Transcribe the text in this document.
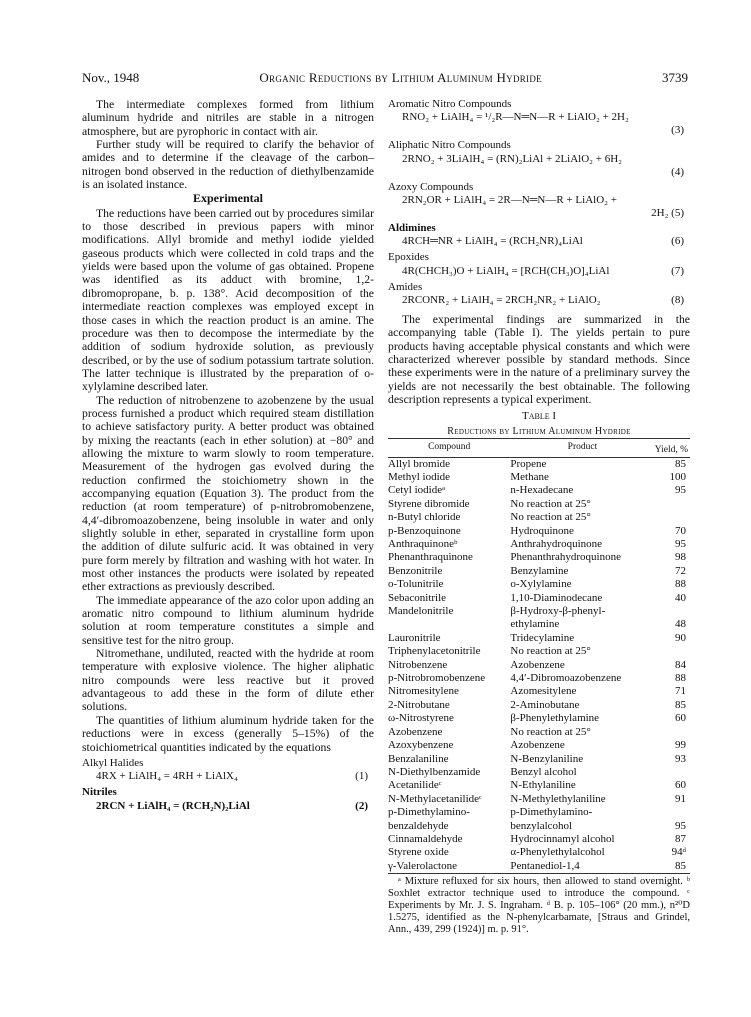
Nov., 1948	Organic Reductions by Lithium Aluminum Hydride	3739

The intermediate complexes formed from lithium aluminum hydride and nitriles are stable in a nitrogen atmosphere, but are pyrophoric in contact with air.

Further study will be required to clarify the behavior of amides and to determine if the cleavage of the carbon–nitrogen bond observed in the reduction of diethylbenzamide is an isolated instance.

Experimental

The reductions have been carried out by procedures similar to those described in previous papers with minor modifications. Allyl bromide and methyl iodide yielded gaseous products which were collected in cold traps and the yields were based upon the volume of gas obtained. Propene was identified as its adduct with bromine, 1,2-dibromopropane, b. p. 138°. Acid decomposition of the intermediate reaction complexes was employed except in those cases in which the reaction product is an amine. The procedure was then to decompose the intermediate by the addition of sodium hydroxide solution, as previously described, or by the use of sodium potassium tartrate solution. The latter technique is illustrated by the preparation of o-xylylamine described later.

The reduction of nitrobenzene to azobenzene by the usual process furnished a product which required steam distillation to achieve satisfactory purity. A better product was obtained by mixing the reactants (each in ether solution) at −80° and allowing the mixture to warm slowly to room temperature. Measurement of the hydrogen gas evolved during the reduction confirmed the stoichiometry shown in the accompanying equation (Equation 3). The product from the reduction (at room temperature) of p-nitrobromobenzene, 4,4′-dibromoazobenzene, being insoluble in water and only slightly soluble in ether, separated in crystalline form upon the addition of dilute sulfuric acid. It was obtained in very pure form merely by filtration and washing with hot water. In most other instances the products were isolated by repeated ether extractions as previously described.

The immediate appearance of the azo color upon adding an aromatic nitro compound to lithium aluminum hydride solution at room temperature constitutes a simple and sensitive test for the nitro group.

Nitromethane, undiluted, reacted with the hydride at room temperature with explosive violence. The higher aliphatic nitro compounds were less reactive but it proved advantageous to add these in the form of dilute ether solutions.

The quantities of lithium aluminum hydride taken for the reductions were in excess (generally 5–15%) of the stoichiometrical quantities indicated by the equations

Alkyl Halides
4RX + LiAlH₄ = 4RH + LiAlX₄	(1)
Nitriles
2RCN + LiAlH₄ = (RCH₂N)₂LiAl	(2)
Aromatic Nitro Compounds
RNO₂ + LiAlH₄ = ¹/₂R—N═N—R + LiAlO₂ + 2H₂
(3)
Aliphatic Nitro Compounds
2RNO₂ + 3LiAlH₄ = (RN)₂LiAl + 2LiAlO₂ + 6H₂
(4)
Azoxy Compounds
2RN₂OR + LiAlH₄ = 2R—N═N—R + LiAlO₂ +
2H₂ (5)
Aldimines
4RCH═NR + LiAlH₄ = (RCH₂NR)₄LiAl	(6)
Epoxides
4R(CHCH₃)O + LiAlH₄ = [RCH(CH₃)O]₄LiAl	(7)
Amides
2RCONR₂ + LiAlH₄ = 2RCH₂NR₂ + LiAlO₂	(8)

The experimental findings are summarized in the accompanying table (Table I). The yields pertain to pure products having acceptable physical constants and which were characterized wherever possible by standard methods. Since these experiments were in the nature of a preliminary survey the yields are not necessarily the best obtainable. The following description represents a typical experiment.

Table I
Reductions by Lithium Aluminum Hydride
Compound	Product	Yield, %
Allyl bromide	Propene	85
Methyl iodide	Methane	100
Cetyl iodideᵃ	n-Hexadecane	95
Styrene dibromide	No reaction at 25°	
n-Butyl chloride	No reaction at 25°	
p-Benzoquinone	Hydroquinone	70
Anthraquinoneᵇ	Anthrahydroquinone	95
Phenanthraquinone	Phenanthrahydroquinone	98
Benzonitrile	Benzylamine	72
o-Tolunitrile	o-Xylylamine	88
Sebaconitrile	1,10-Diaminodecane	40
Mandelonitrile	β-Hydroxy-β-phenyl-	
	ethylamine	48
Lauronitrile	Tridecylamine	90
Triphenylacetonitrile	No reaction at 25°	
Nitrobenzene	Azobenzene	84
p-Nitrobromobenzene	4,4′-Dibromoazobenzene	88
Nitromesitylene	Azomesitylene	71
2-Nitrobutane	2-Aminobutane	85
ω-Nitrostyrene	β-Phenylethylamine	60
Azobenzene	No reaction at 25°	
Azoxybenzene	Azobenzene	99
Benzalaniline	N-Benzylaniline	93
N-Diethylbenzamide	Benzyl alcohol	
Acetanilideᶜ	N-Ethylaniline	60
N-Methylacetanilideᶜ	N-Methylethylaniline	91
p-Dimethylamino-	p-Dimethylamino-	
benzaldehyde	benzylalcohol	95
Cinnamaldehyde	Hydrocinnamyl alcohol	87
Styrene oxide	α-Phenylethylalcohol	94ᵈ
γ-Valerolactone	Pentanediol-1,4	85
ᵃ Mixture refluxed for six hours, then allowed to stand overnight. ᵇ Soxhlet extractor technique used to introduce the compound. ᶜ Experiments by Mr. J. S. Ingraham. ᵈ B. p. 105–106° (20 mm.), n²⁰D 1.5275, identified as the N-phenylcarbamate, [Straus and Grindel, Ann., 439, 299 (1924)] m. p. 91°.
